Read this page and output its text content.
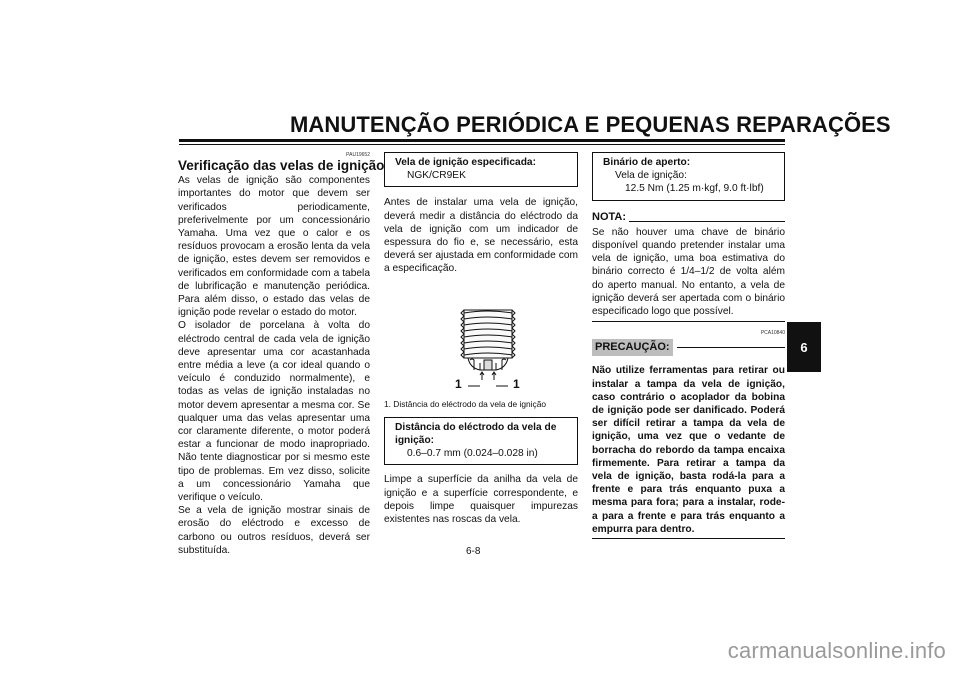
MANUTENÇÃO PERIÓDICA E PEQUENAS REPARAÇÕES
PAU19652
Verificação das velas de ignição

As velas de ignição são componentes importantes do motor que devem ser verificados periodicamente, preferivelmente por um concessionário Yamaha. Uma vez que o calor e os resíduos provocam a erosão lenta da vela de ignição, estes devem ser removidos e verificados em conformidade com a tabela de lubrificação e manutenção periódica. Para além disso, o estado das velas de ignição pode revelar o estado do motor.

O isolador de porcelana à volta do eléctrodo central de cada vela de ignição deve apresentar uma cor acastanhada entre média a leve (a cor ideal quando o veículo é conduzido normalmente), e todas as velas de ignição instaladas no motor devem apresentar a mesma cor. Se qualquer uma das velas apresentar uma cor claramente diferente, o motor poderá estar a funcionar de modo inapropriado. Não tente diagnosticar por si mesmo este tipo de problemas. Em vez disso, solicite a um concessionário Yamaha que verifique o veículo.

Se a vela de ignição mostrar sinais de erosão do eléctrodo e excesso de carbono ou outros resíduos, deverá ser substituída.

Vela de ignição especificada:
NGK/CR9EK

Antes de instalar uma vela de ignição, deverá medir a distância do eléctrodo da vela de ignição com um indicador de espessura do fio e, se necessário, esta deverá ser ajustada em conformidade com a especificação.

1	1
1. Distância do eléctrodo da vela de ignição
Distância do eléctrodo da vela de ignição:
0.6–0.7 mm (0.024–0.028 in)

Limpe a superfície da anilha da vela de ignição e a superfície correspondente, e depois limpe quaisquer impurezas existentes nas roscas da vela.

Binário de aperto:
Vela de ignição:
12.5 Nm (1.25 m·kgf, 9.0 ft·lbf)
NOTA:

Se não houver uma chave de binário disponível quando pretender instalar uma vela de ignição, uma boa estimativa do binário correcto é 1/4–1/2 de volta além do aperto manual. No entanto, a vela de ignição deverá ser apertada com o binário especificado logo que possível.

PCA10840
PRECAUÇÃO:

Não utilize ferramentas para retirar ou instalar a tampa da vela de ignição, caso contrário o acoplador da bobina de ignição pode ser danificado. Poderá ser difícil retirar a tampa da vela de ignição, uma vez que o vedante de borracha do rebordo da tampa encaixa firmemente. Para retirar a tampa da vela de ignição, basta rodá-la para a frente e para trás enquanto puxa a mesma para fora; para a instalar, rode-a para a frente e para trás enquanto a empurra para dentro.

6
6-8
carmanualsonline.info
